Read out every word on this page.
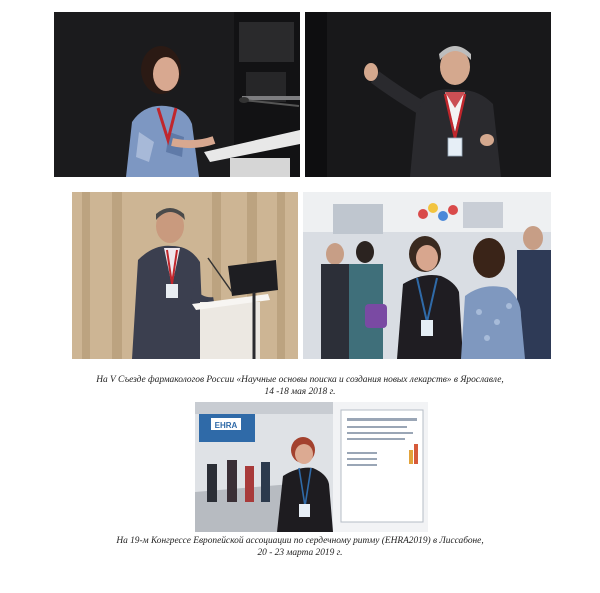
На V Съезде фармакологов России «Научные основы поиска и создания новых лекарств» в Ярославле,
14 -18 мая 2018 г.
EHRA
На 19-м Конгрессе Европейской ассоциации по сердечному ритму (EHRA2019) в Лиссабоне,
20 - 23 марта 2019 г.
